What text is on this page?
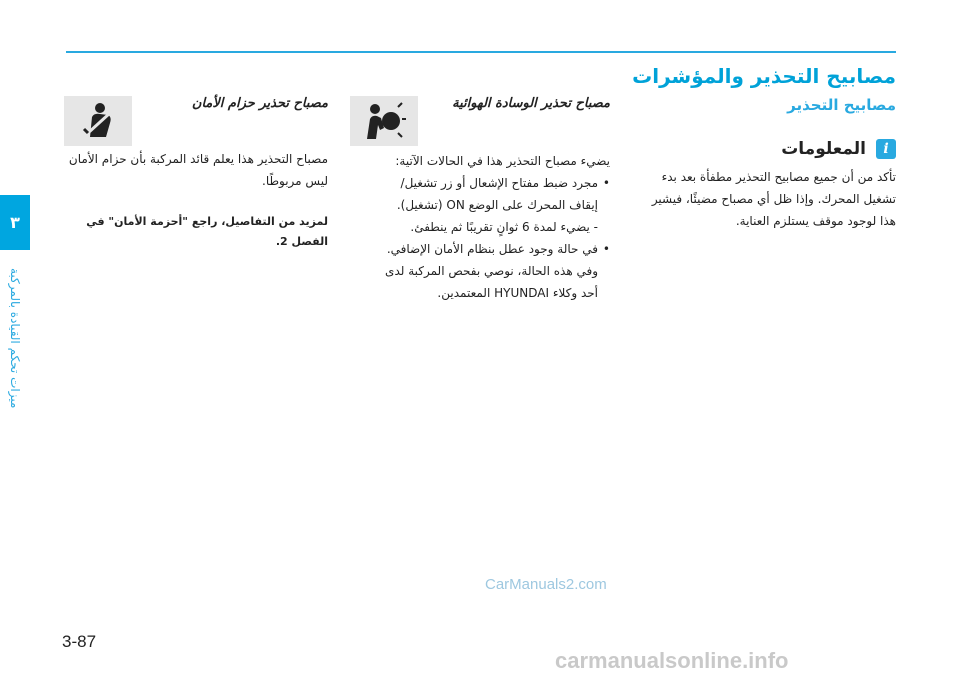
٣
ميزات تحكم القيادة بالمركبة
مصابيح التحذير والمؤشرات
مصابيح التحذير
i
المعلومات
تأكد من أن جميع مصابيح التحذير مطفأة بعد بدء تشغيل المحرك. وإذا ظل أي مصباح مضيئًا، فيشير هذا لوجود موقف يستلزم العناية.
مصباح تحذير الوسادة الهوائية
يضيء مصباح التحذير هذا في الحالات الآتية:
• مجرد ضبط مفتاح الإشعال أو زر تشغيل/ إيقاف المحرك على الوضع ON (تشغيل).
- يضيء لمدة 6 ثوانٍ تقريبًا ثم ينطفئ.
• في حالة وجود عطل بنظام الأمان الإضافي.
وفي هذه الحالة، نوصي بفحص المركبة لدى أحد وكلاء HYUNDAI المعتمدين.
مصباح تحذير حزام الأمان
مصباح التحذير هذا يعلم قائد المركبة بأن حزام الأمان ليس مربوطًا.
لمزيد من التفاصيل، راجع "أحزمة الأمان" في الفصل 2.
3-87
CarManuals2.com
carmanualsonline.info
